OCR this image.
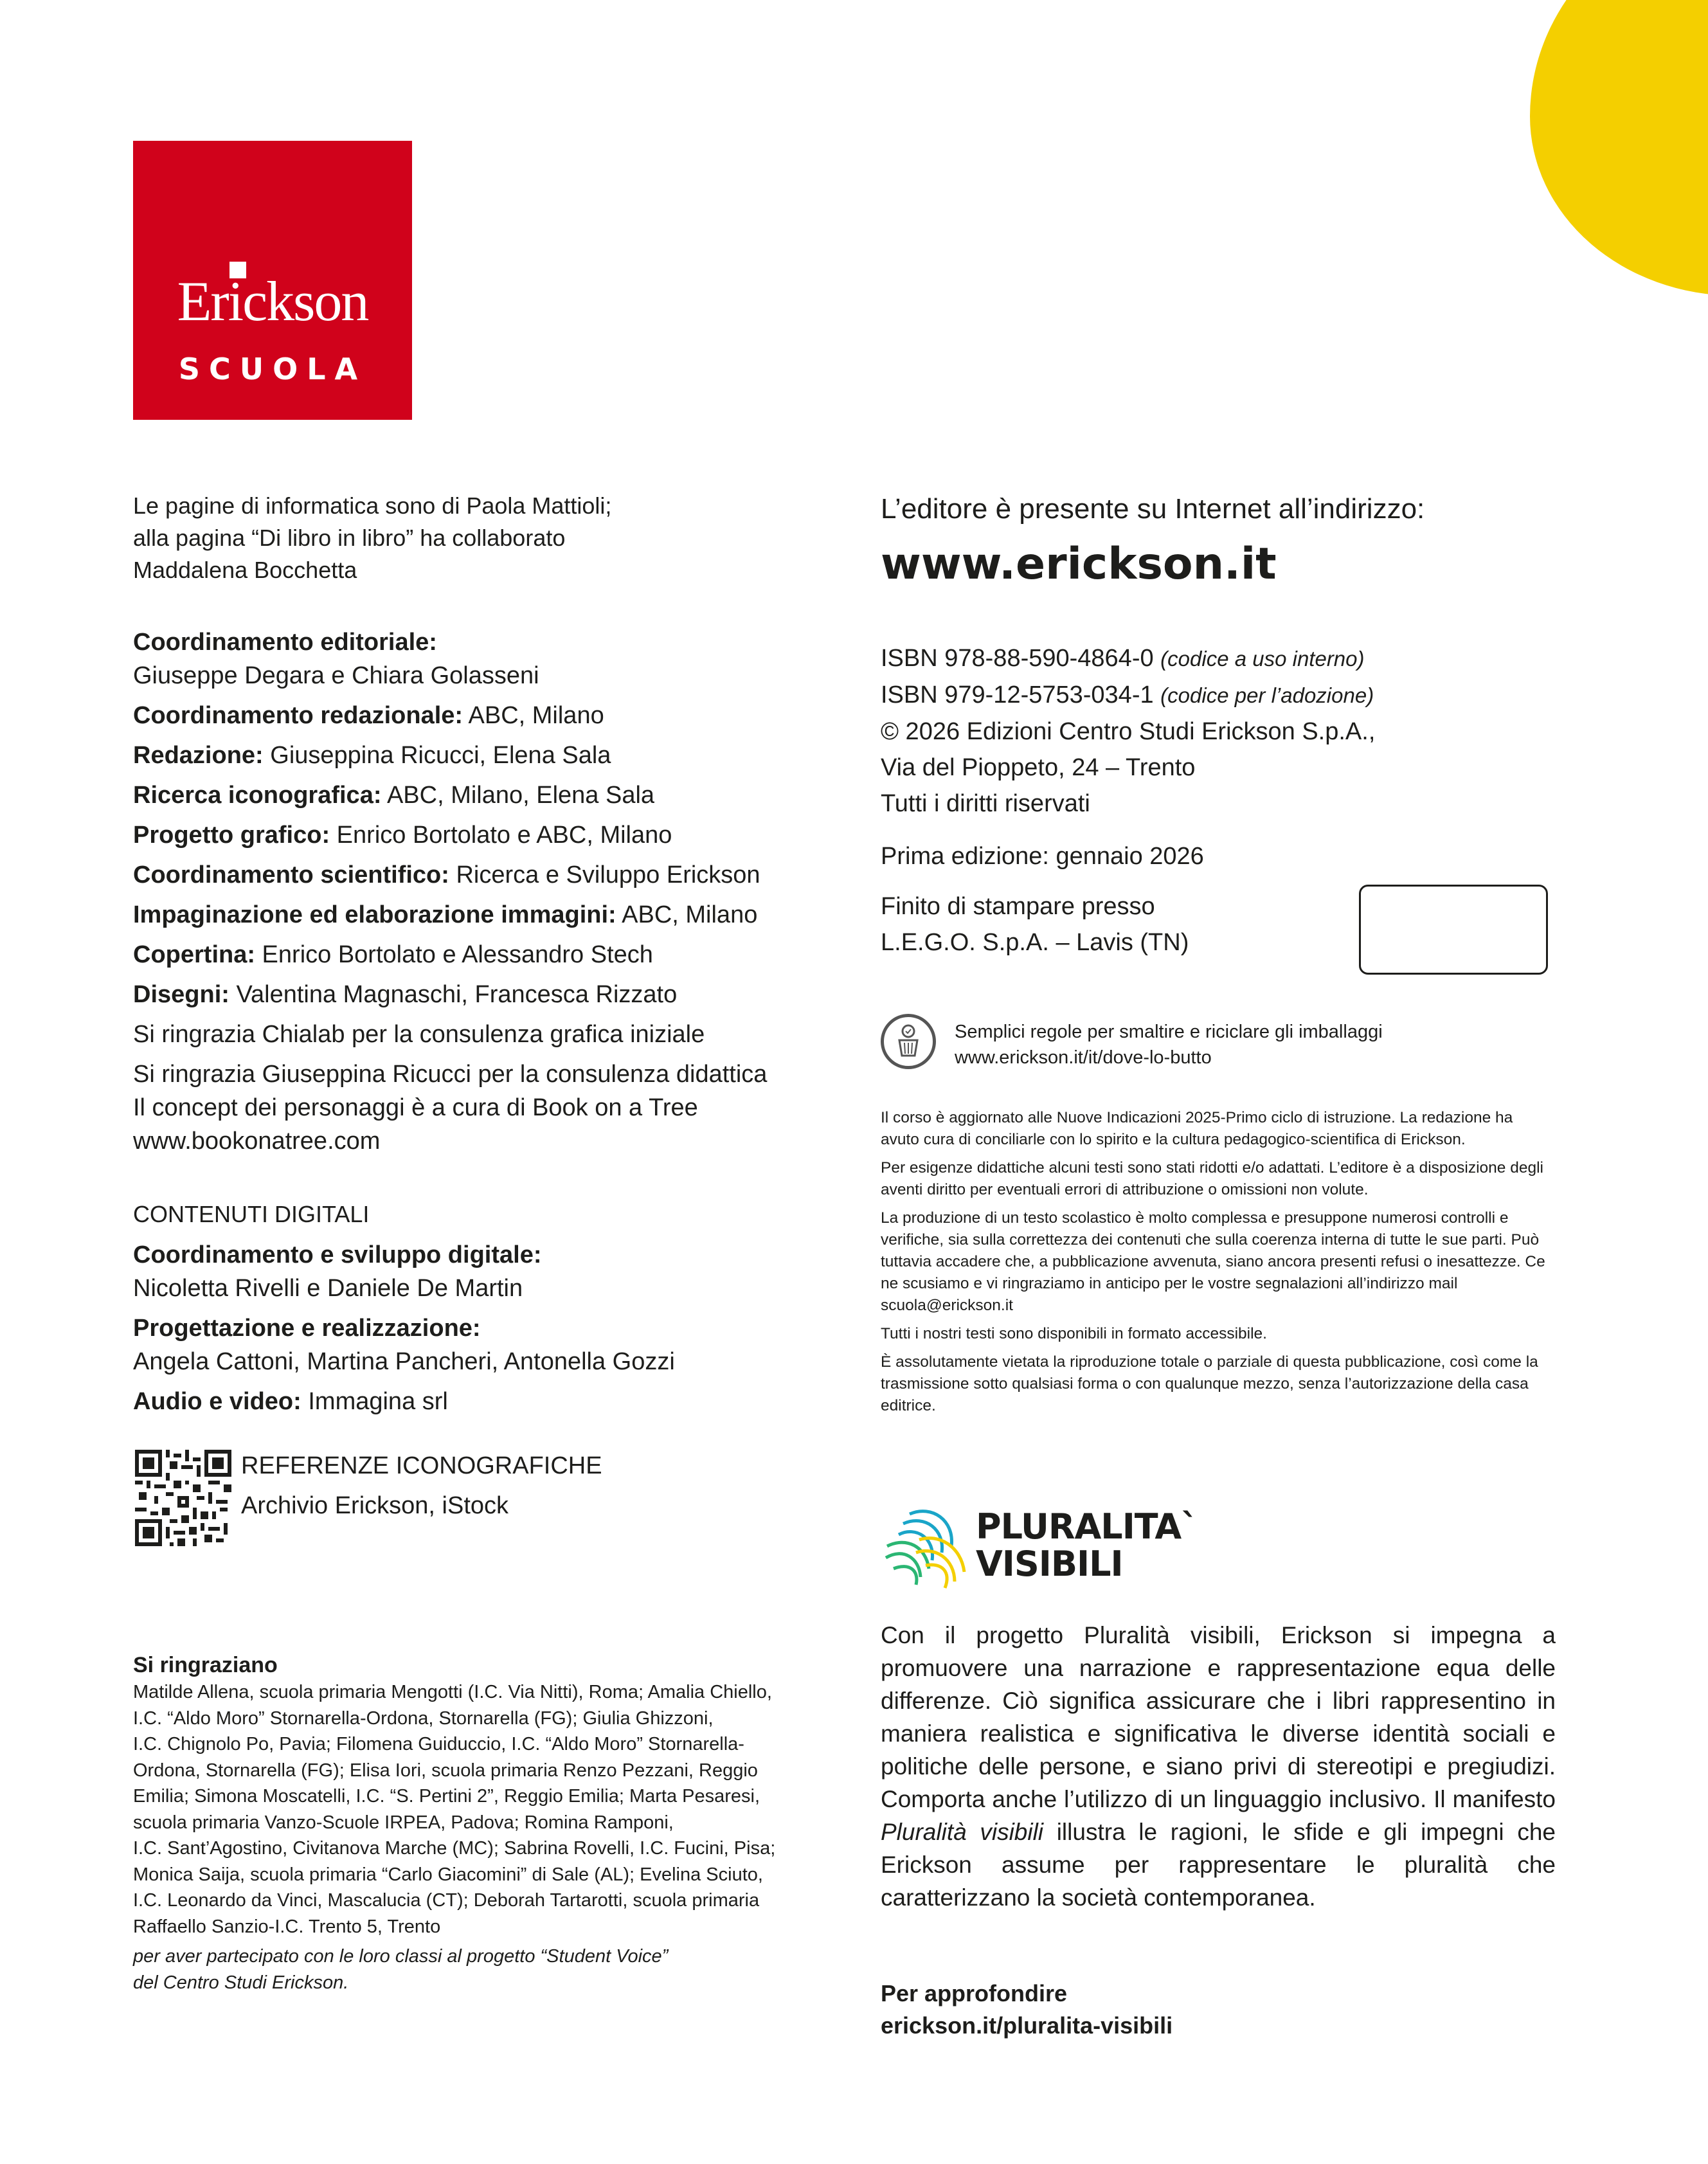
Erickson
SCUOLA
Le pagine di informatica sono di Paola Mattioli;
alla pagina “Di libro in libro” ha collaborato
Maddalena Bocchetta
Coordinamento editoriale:
Giuseppe Degara e Chiara Golasseni
Coordinamento redazionale: ABC, Milano
Redazione: Giuseppina Ricucci, Elena Sala
Ricerca iconografica: ABC, Milano, Elena Sala
Progetto grafico: Enrico Bortolato e ABC, Milano
Coordinamento scientifico: Ricerca e Sviluppo Erickson
Impaginazione ed elaborazione immagini: ABC, Milano
Copertina: Enrico Bortolato e Alessandro Stech
Disegni: Valentina Magnaschi, Francesca Rizzato
Si ringrazia Chialab per la consulenza grafica iniziale
Si ringrazia Giuseppina Ricucci per la consulenza didattica
Il concept dei personaggi è a cura di Book on a Tree
www.bookonatree.com
CONTENUTI DIGITALI
Coordinamento e sviluppo digitale:
Nicoletta Rivelli e Daniele De Martin
Progettazione e realizzazione:
Angela Cattoni, Martina Pancheri, Antonella Gozzi
Audio e video: Immagina srl
REFERENZE ICONOGRAFICHE
Archivio Erickson, iStock
Si ringraziano
Matilde Allena, scuola primaria Mengotti (I.C. Via Nitti), Roma; Amalia Chiello,
I.C. “Aldo Moro” Stornarella-Ordona, Stornarella (FG); Giulia Ghizzoni,
I.C. Chignolo Po, Pavia; Filomena Guiduccio, I.C. “Aldo Moro” Stornarella-
Ordona, Stornarella (FG); Elisa Iori, scuola primaria Renzo Pezzani, Reggio
Emilia; Simona Moscatelli, I.C. “S. Pertini 2”, Reggio Emilia; Marta Pesaresi,
scuola primaria Vanzo-Scuole IRPEA, Padova; Romina Ramponi,
I.C. Sant’Agostino, Civitanova Marche (MC); Sabrina Rovelli, I.C. Fucini, Pisa;
Monica Saija, scuola primaria “Carlo Giacomini” di Sale (AL); Evelina Sciuto,
I.C. Leonardo da Vinci, Mascalucia (CT); Deborah Tartarotti, scuola primaria
Raffaello Sanzio-I.C. Trento 5, Trento
per aver partecipato con le loro classi al progetto “Student Voice”
del Centro Studi Erickson.
L’editore è presente su Internet all’indirizzo:
www.erickson.it
ISBN 978-88-590-4864-0 (codice a uso interno)
ISBN 979-12-5753-034-1 (codice per l’adozione)
© 2026 Edizioni Centro Studi Erickson S.p.A.,
Via del Pioppeto, 24 – Trento
Tutti i diritti riservati
Prima edizione: gennaio 2026
Finito di stampare presso
L.E.G.O. S.p.A. – Lavis (TN)
Semplici regole per smaltire e riciclare gli imballaggi
www.erickson.it/it/dove-lo-butto

Il corso è aggiornato alle Nuove Indicazioni 2025-Primo ciclo di istruzione. La redazione ha avuto cura di conciliarle con lo spirito e la cultura pedagogico-scientifica di Erickson.

Per esigenze didattiche alcuni testi sono stati ridotti e/o adattati. L’editore è a disposizione degli aventi diritto per eventuali errori di attribuzione o omissioni non volute.

La produzione di un testo scolastico è molto complessa e presuppone numerosi controlli e verifiche, sia sulla correttezza dei contenuti che sulla coerenza interna di tutte le sue parti. Può tuttavia accadere che, a pubblicazione avvenuta, siano ancora presenti refusi o inesattezze. Ce ne scusiamo e vi ringraziamo in anticipo per le vostre segnalazioni all’indirizzo mail scuola@erickson.it

Tutti i nostri testi sono disponibili in formato accessibile.

È assolutamente vietata la riproduzione totale o parziale di questa pubblicazione, così come la trasmissione sotto qualsiasi forma o con qualunque mezzo, senza l’autorizzazione della casa editrice.

PLURALITA`
VISIBILI
Con il progetto Pluralità visibili, Erickson si impegna a promuovere una narrazione e rappresentazione equa delle differenze. Ciò significa assicurare che i libri rappresentino in maniera realistica e significativa le diverse identità sociali e politiche delle persone, e siano privi di stereotipi e pregiudizi. Comporta anche l’utilizzo di un linguaggio inclusivo. Il manifesto Pluralità visibili illustra le ragioni, le sfide e gli impegni che Erickson assume per rappresentare le pluralità che caratterizzano la società contemporanea.
Per approfondire
erickson.it/pluralita-visibili
